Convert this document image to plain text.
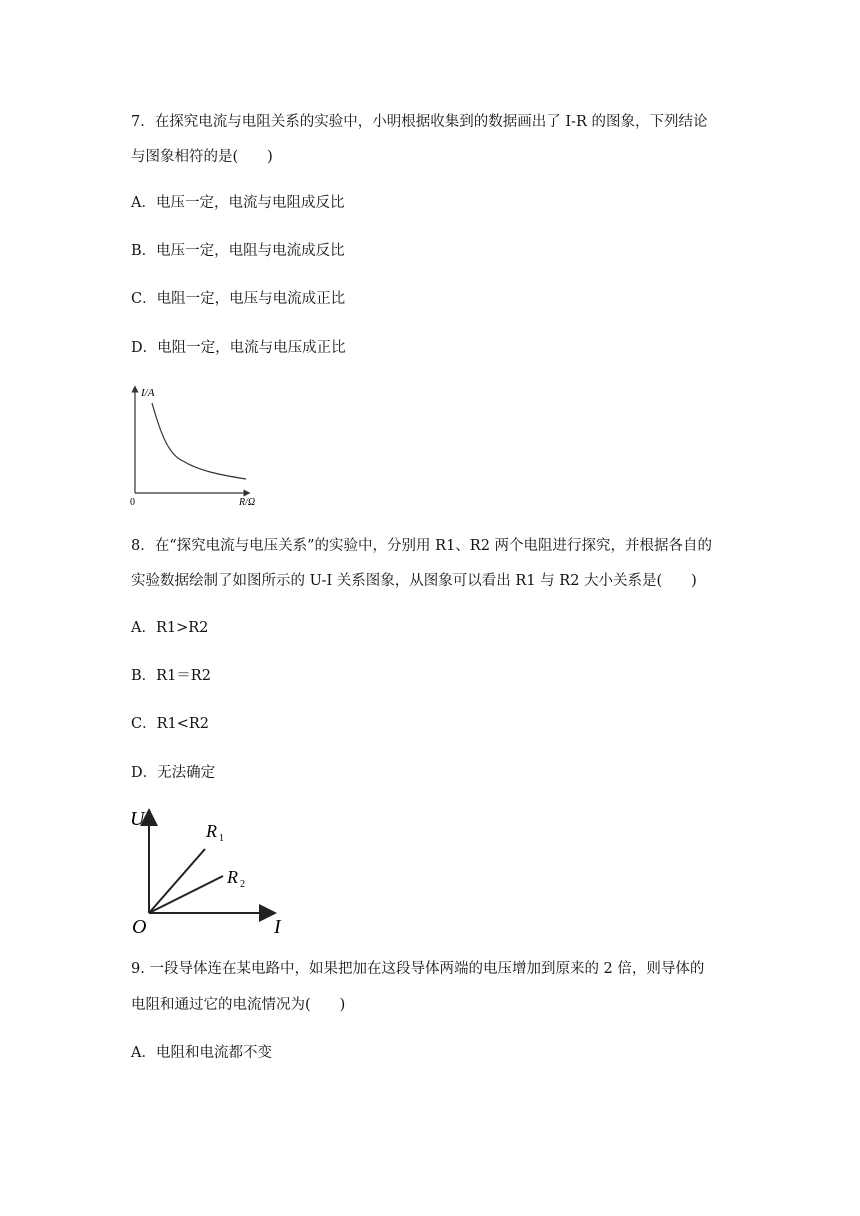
7．在探究电流与电阻关系的实验中，小明根据收集到的数据画出了 I-R 的图象，下列结论
与图象相符的是(　　)
A．电压一定，电流与电阻成反比
B．电压一定，电阻与电流成反比
C．电阻一定，电压与电流成正比
D．电阻一定，电流与电压成正比
I/A
0	R/Ω
8．在“探究电流与电压关系”的实验中，分别用 R1、R2 两个电阻进行探究，并根据各自的
实验数据绘制了如图所示的 U-I 关系图象，从图象可以看出 R1 与 R2 大小关系是(　　)
A．R1>R2
B．R1＝R2
C．R1<R2
D．无法确定
U
O	I
R 1
R 2
9. 一段导体连在某电路中，如果把加在这段导体两端的电压增加到原来的 2 倍，则导体的
电阻和通过它的电流情况为(　　)
A．电阻和电流都不变
